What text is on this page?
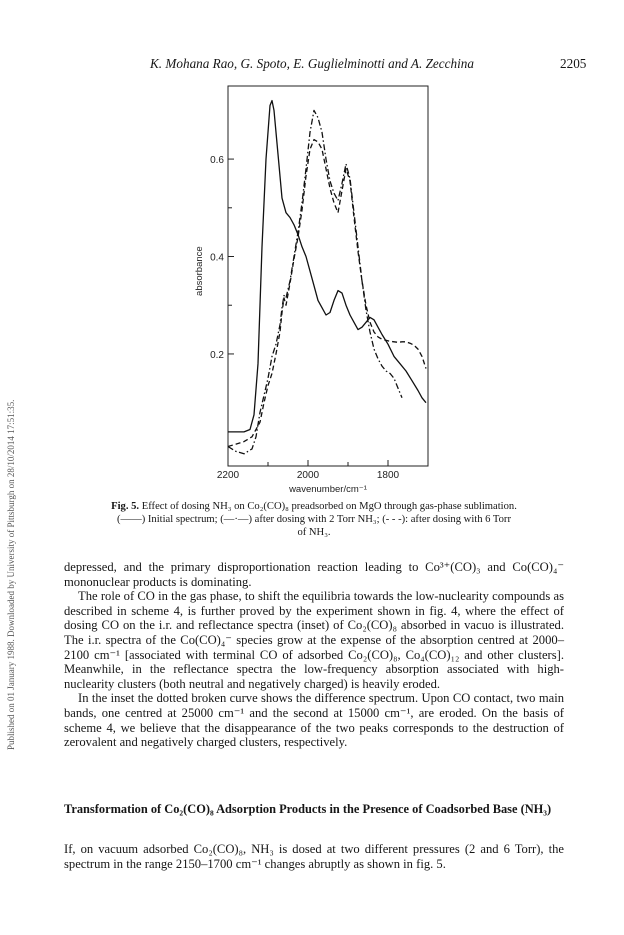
Published on 01 January 1988. Downloaded by University of Pittsburgh on 28/10/2014 17:51:35.
K. Mohana Rao, G. Spoto, E. Guglielminotti and A. Zecchina	2205
0.6
0.4
0.2
2200	2000	1800
wavenumber/cm⁻¹
absorbance
Fig. 5. Effect of dosing NH₃ on Co₂(CO)₈ preadsorbed on MgO through gas-phase sublimation.
(——) Initial spectrum; (—·—) after dosing with 2 Torr NH₃; (- - -): after dosing with 6 Torr
of NH₃.

depressed, and the primary disproportionation reaction leading to Co³⁺(CO)₃ and Co(CO)₄⁻ mononuclear products is dominating.

The role of CO in the gas phase, to shift the equilibria towards the low-nuclearity compounds as described in scheme 4, is further proved by the experiment shown in fig. 4, where the effect of dosing CO on the i.r. and reflectance spectra (inset) of Co₂(CO)₈ absorbed in vacuo is illustrated. The i.r. spectra of the Co(CO)₄⁻ species grow at the expense of the absorption centred at 2000–2100 cm⁻¹ [associated with terminal CO of adsorbed Co₂(CO)₈, Co₄(CO)₁₂ and other clusters]. Meanwhile, in the reflectance spectra the low-frequency absorption associated with high-nuclearity clusters (both neutral and negatively charged) is heavily eroded.

In the inset the dotted broken curve shows the difference spectrum. Upon CO contact, two main bands, one centred at 25000 cm⁻¹ and the second at 15000 cm⁻¹, are eroded. On the basis of scheme 4, we believe that the disappearance of the two peaks corresponds to the destruction of zerovalent and negatively charged clusters, respectively.

Transformation of Co₂(CO)₈ Adsorption Products in the Presence of Coadsorbed Base (NH₃)

If, on vacuum adsorbed Co₂(CO)₈, NH₃ is dosed at two different pressures (2 and 6 Torr), the spectrum in the range 2150–1700 cm⁻¹ changes abruptly as shown in fig. 5.
